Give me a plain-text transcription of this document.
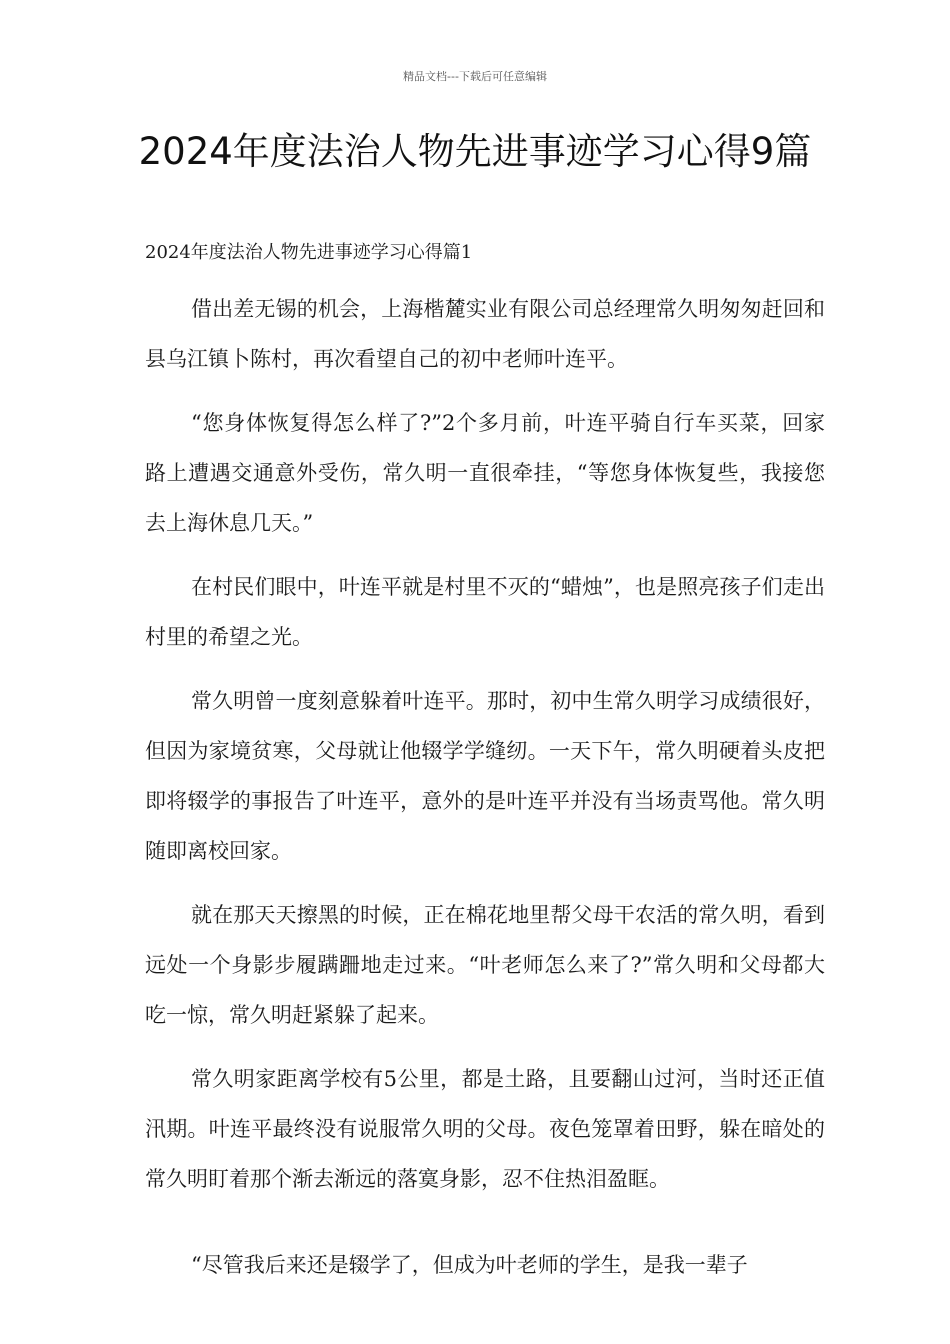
精品文档---下载后可任意编辑
2024年度法治人物先进事迹学习心得9篇

2024年度法治人物先进事迹学习心得篇1

借出差无锡的机会，上海楷麓实业有限公司总经理常久明匆匆赶回和县乌江镇卜陈村，再次看望自己的初中老师叶连平。

“您身体恢复得怎么样了?”2个多月前，叶连平骑自行车买菜，回家路上遭遇交通意外受伤，常久明一直很牵挂，“等您身体恢复些，我接您去上海休息几天。”

在村民们眼中，叶连平就是村里不灭的“蜡烛”，也是照亮孩子们走出村里的希望之光。

常久明曾一度刻意躲着叶连平。那时，初中生常久明学习成绩很好，但因为家境贫寒，父母就让他辍学学缝纫。一天下午，常久明硬着头皮把即将辍学的事报告了叶连平，意外的是叶连平并没有当场责骂他。常久明随即离校回家。

就在那天天擦黑的时候，正在棉花地里帮父母干农活的常久明，看到远处一个身影步履蹒跚地走过来。“叶老师怎么来了?”常久明和父母都大吃一惊，常久明赶紧躲了起来。

常久明家距离学校有5公里，都是土路，且要翻山过河，当时还正值汛期。叶连平最终没有说服常久明的父母。夜色笼罩着田野，躲在暗处的常久明盯着那个渐去渐远的落寞身影，忍不住热泪盈眶。

“尽管我后来还是辍学了，但成为叶老师的学生，是我一辈子
